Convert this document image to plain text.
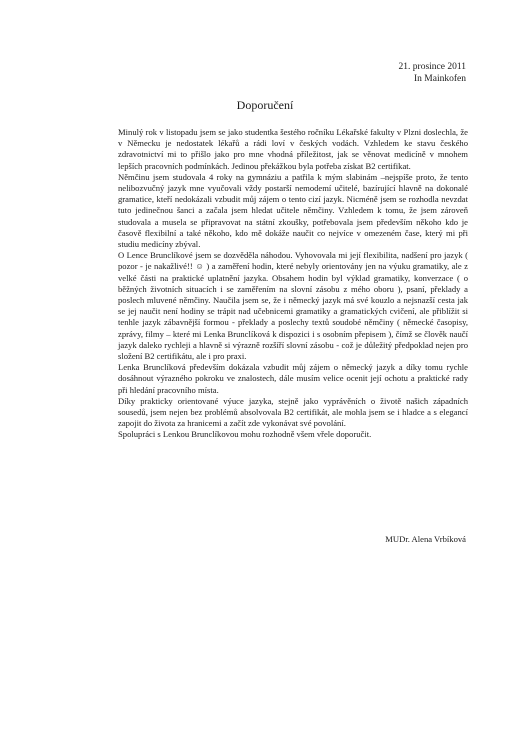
21. prosince 2011
In Mainkofen
Doporučení

Minulý rok v listopadu jsem se jako studentka šestého ročníku Lékařské fakulty v Plzni doslechla, že v Německu je nedostatek lékařů a rádi loví v českých vodách. Vzhledem ke stavu českého zdravotnictví mi to přišlo jako pro mne vhodná příležitost, jak se věnovat medicíně v mnohem lepších pracovních podmínkách. Jedinou překážkou byla potřeba získat B2 certifikat.

Němčinu jsem studovala 4 roky na gymnáziu a patřila k mým slabinám –nejspíše proto, že tento nelibozvučný jazyk mne vyučovali vždy postarší nemodemí učitelé, bazírující hlavně na dokonalé gramatice, kteří nedokázali vzbudit můj zájem o tento cizí jazyk. Nicméně jsem se rozhodla nevzdat tuto jedinečnou šanci a začala jsem hledat učitele němčiny. Vzhledem k tomu, že jsem zároveň studovala a musela se připravovat na státní zkoušky, potřebovala jsem především někoho kdo je časově flexibilní a také někoho, kdo mě dokáže naučit co nejvíce v omezeném čase, který mi při studiu medicíny zbýval.

O Lence Brunclíkové jsem se dozvěděla náhodou. Vyhovovala mi její flexibilita, nadšení pro jazyk ( pozor - je nakažlivé!! ☺ ) a zaměření hodin, které nebyly orientovány jen na výuku gramatiky, ale z velké části na praktické uplatnění jazyka. Obsahem hodin byl výklad gramatiky, konverzace ( o běžných životních situacích i se zaměřením na slovní zásobu z mého oboru ), psaní, překlady a poslech mluvené němčiny. Naučila jsem se, že i německý jazyk má své kouzlo a nejsnazší cesta jak se jej naučit není hodiny se trápit nad učebnicemi gramatiky a gramatických cvičení, ale přiblížit si tenhle jazyk zábavnější formou - překlady a poslechy textů soudobé němčiny ( německé časopisy, zprávy, filmy – které mi Lenka Brunclíková k dispozici i s osobním přepisem ), čímž se člověk naučí jazyk daleko rychleji a hlavně si výrazně rozšíří slovní zásobu - což je důležitý předpoklad nejen pro složení B2 certifikátu, ale i pro praxi.

Lenka Brunclíková především dokázala vzbudit můj zájem o německý jazyk a díky tomu rychle dosáhnout výrazného pokroku ve znalostech, dále musím velice ocenit její ochotu a praktické rady při hledání pracovního místa.

Díky prakticky orientované výuce jazyka, stejně jako vyprávěních o životě našich západních sousedů, jsem nejen bez problémů absolvovala B2 certifikát, ale mohla jsem se i hladce a s elegancí zapojit do života za hranicemi a začít zde vykonávat své povolání.

Spolupráci s Lenkou Brunclíkovou mohu rozhodně všem vřele doporučit.

MUDr. Alena Vrbíková
